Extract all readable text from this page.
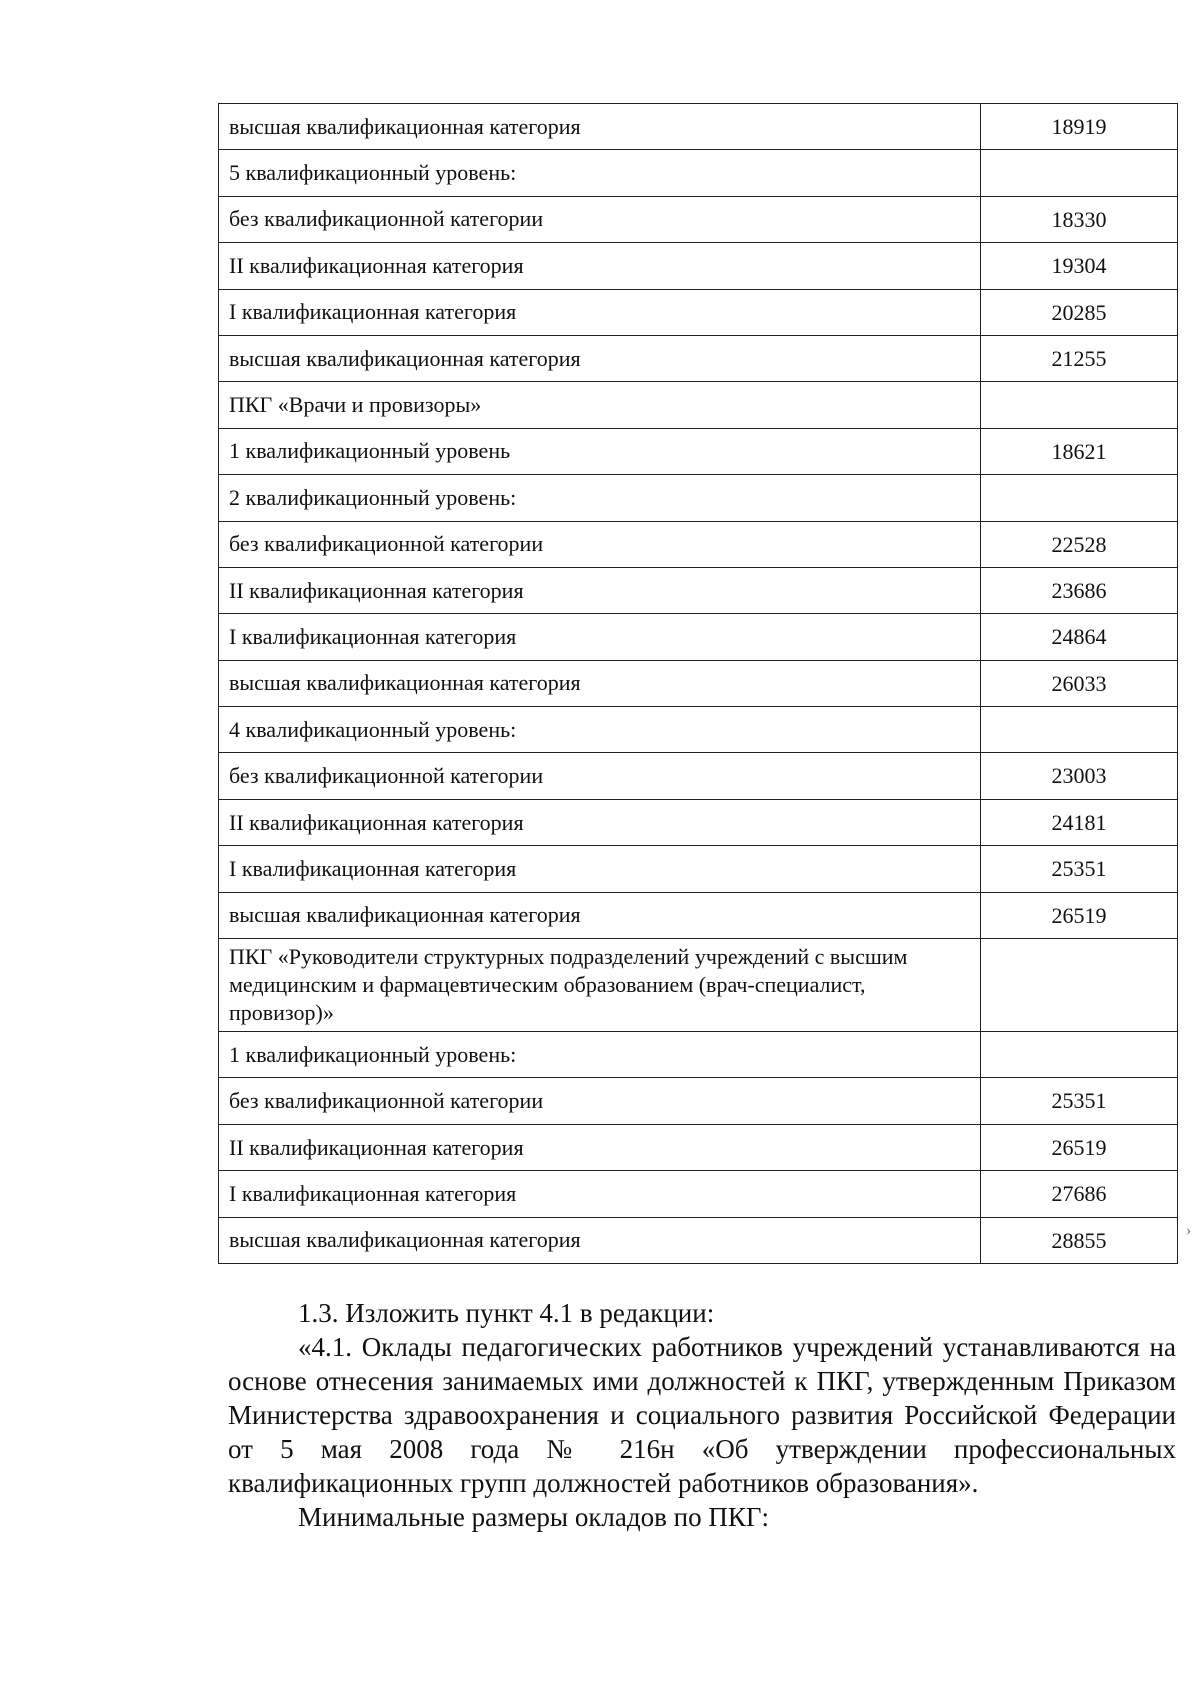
высшая квалификационная категория	18919
5 квалификационный уровень:	
без квалификационной категории	18330
II квалификационная категория	19304
I квалификационная категория	20285
высшая квалификационная категория	21255
ПКГ «Врачи и провизоры»	
1 квалификационный уровень	18621
2 квалификационный уровень:	
без квалификационной категории	22528
II квалификационная категория	23686
I квалификационная категория	24864
высшая квалификационная категория	26033
4 квалификационный уровень:	
без квалификационной категории	23003
II квалификационная категория	24181
I квалификационная категория	25351
высшая квалификационная категория	26519
ПКГ «Руководители структурных подразделений учреждений с высшим медицинским и фармацевтическим образованием (врач-специалист, провизор)»	
1 квалификационный уровень:	
без квалификационной категории	25351
II квалификационная категория	26519
I квалификационная категория	27686
высшая квалификационная категория	28855

1.3. Изложить пункт 4.1 в редакции:

«4.1. Оклады педагогических работников учреждений устанавливаются на основе отнесения занимаемых ими должностей к ПКГ, утвержденным Приказом Министерства здравоохранения и социального развития Российской Федерации от 5 мая 2008 года № 216н «Об утверждении профессиональных квалификационных групп должностей работников образования».

Минимальные размеры окладов по ПКГ:

›
